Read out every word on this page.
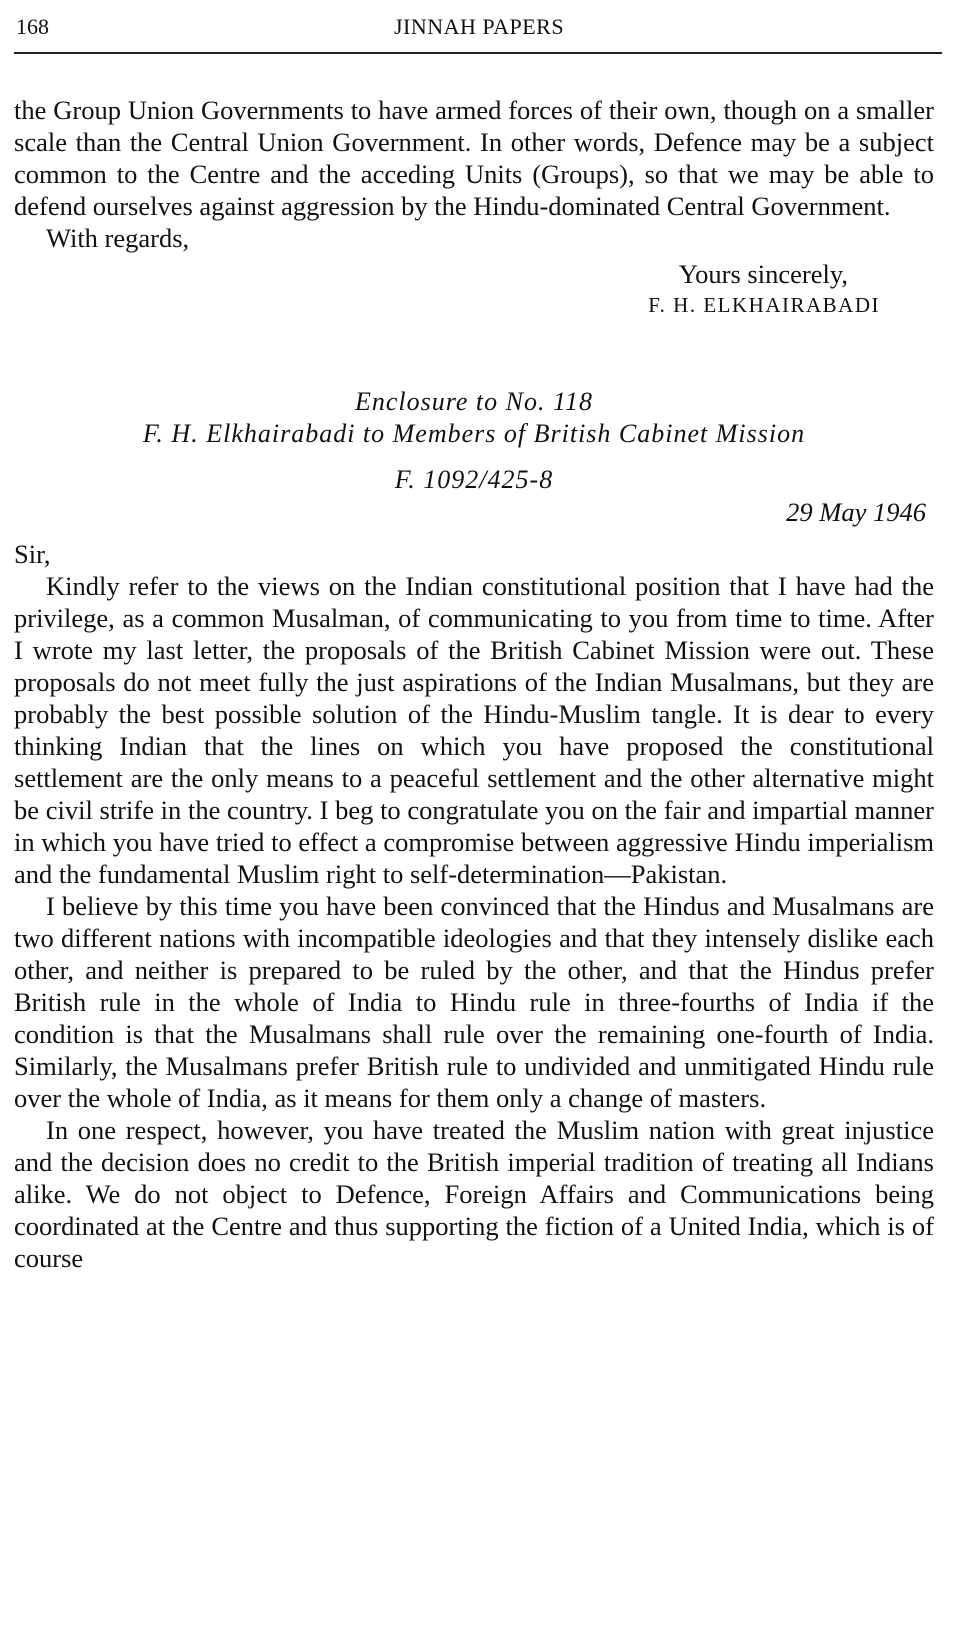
168	JINNAH PAPERS

the Group Union Governments to have armed forces of their own, though on a smaller scale than the Central Union Government. In other words, Defence may be a subject common to the Centre and the acceding Units (Groups), so that we may be able to defend ourselves against aggression by the Hindu-dominated Central Government.

With regards,

Yours sincerely,

F. H. ELKHAIRABADI

Enclosure to No. 118
F. H. Elkhairabadi to Members of British Cabinet Mission
F. 1092/425-8
29 May 1946

Sir,

Kindly refer to the views on the Indian constitutional position that I have had the privilege, as a common Musalman, of communicating to you from time to time. After I wrote my last letter, the proposals of the British Cabinet Mission were out. These proposals do not meet fully the just aspirations of the Indian Musalmans, but they are probably the best possible solution of the Hindu-Muslim tangle. It is dear to every thinking Indian that the lines on which you have proposed the constitutional settlement are the only means to a peaceful settlement and the other alternative might be civil strife in the country. I beg to congratulate you on the fair and impartial manner in which you have tried to effect a compromise between aggressive Hindu imperialism and the fundamental Muslim right to self-determination—Pakistan.

I believe by this time you have been convinced that the Hindus and Musalmans are two different nations with incompatible ideologies and that they intensely dislike each other, and neither is prepared to be ruled by the other, and that the Hindus prefer British rule in the whole of India to Hindu rule in three-fourths of India if the condition is that the Musalmans shall rule over the remaining one-fourth of India. Similarly, the Musalmans prefer British rule to undivided and unmitigated Hindu rule over the whole of India, as it means for them only a change of masters.

In one respect, however, you have treated the Muslim nation with great injustice and the decision does no credit to the British imperial tradition of treating all Indians alike. We do not object to Defence, Foreign Affairs and Communications being coordinated at the Centre and thus supporting the fiction of a United India, which is of course
